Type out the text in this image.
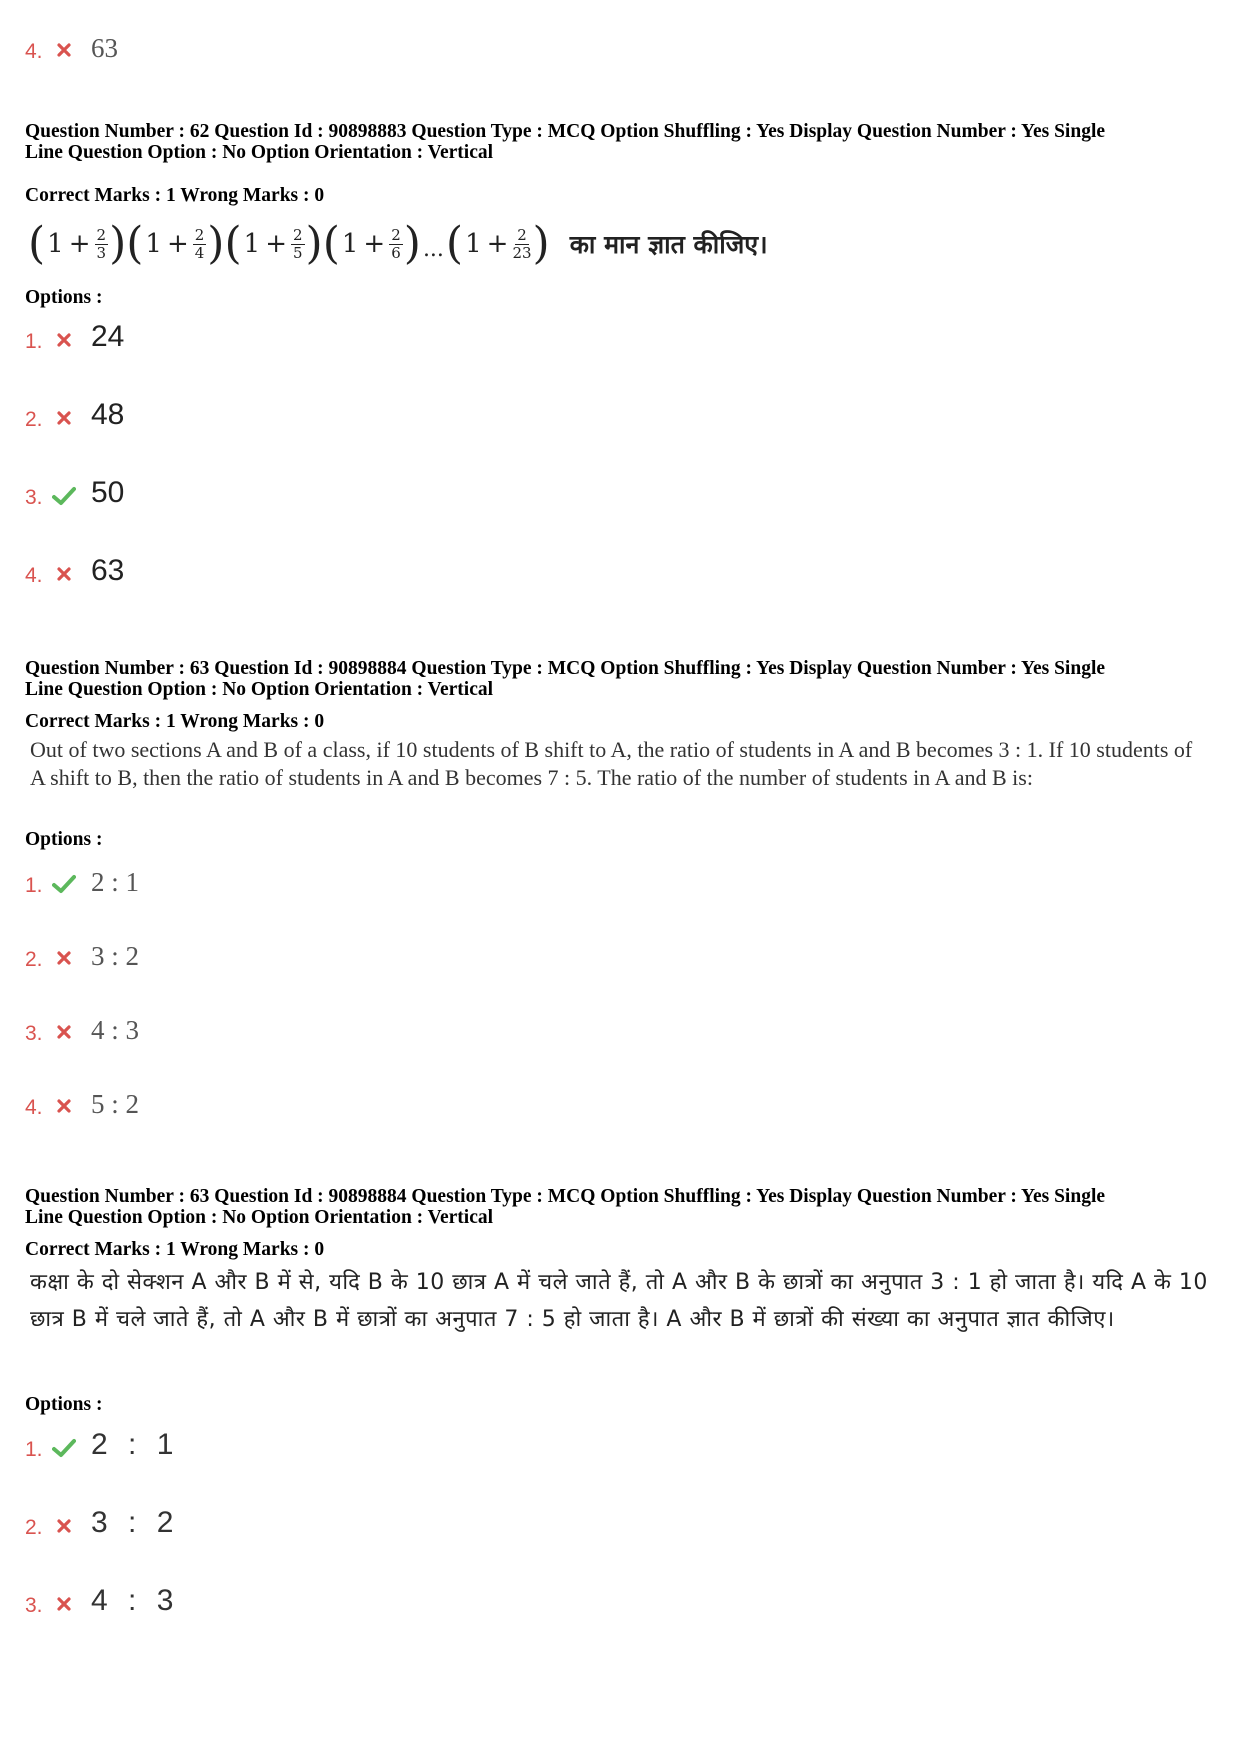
4. 63
Question Number : 62 Question Id : 90898883 Question Type : MCQ Option Shuffling : Yes Display Question Number : Yes Single
Line Question Option : No Option Orientation : Vertical
Correct Marks : 1 Wrong Marks : 0
( $1 + \frac{2}{3}$ ) ( $1 + \frac{2}{4}$ ) ( $1 + \frac{2}{5}$ ) ( $1 + \frac{2}{6}$ ) ... ( $1 + \frac{2}{23}$ ) का मान ज्ञात कीजिए।
Options :
1. 24
2. 48
3. 50
4. 63
Question Number : 63 Question Id : 90898884 Question Type : MCQ Option Shuffling : Yes Display Question Number : Yes Single
Line Question Option : No Option Orientation : Vertical
Correct Marks : 1 Wrong Marks : 0
Out of two sections A and B of a class, if 10 students of B shift to A, the ratio of students in A and B becomes 3 : 1. If 10 students of A shift to B, then the ratio of students in A and B becomes 7 : 5. The ratio of the number of students in A and B is:
Options :
1. 2 : 1
2. 3 : 2
3. 4 : 3
4. 5 : 2
Question Number : 63 Question Id : 90898884 Question Type : MCQ Option Shuffling : Yes Display Question Number : Yes Single
Line Question Option : No Option Orientation : Vertical
Correct Marks : 1 Wrong Marks : 0
कक्षा के दो सेक्शन A और B में से, यदि B के 10 छात्र A में चले जाते हैं, तो A और B के छात्रों का अनुपात 3 : 1 हो जाता है। यदि A के 10 छात्र B में चले जाते हैं, तो A और B में छात्रों का अनुपात 7 : 5 हो जाता है। A और B में छात्रों की संख्या का अनुपात ज्ञात कीजिए।
Options :
1. 2 : 1
2. 3 : 2
3. 4 : 3
